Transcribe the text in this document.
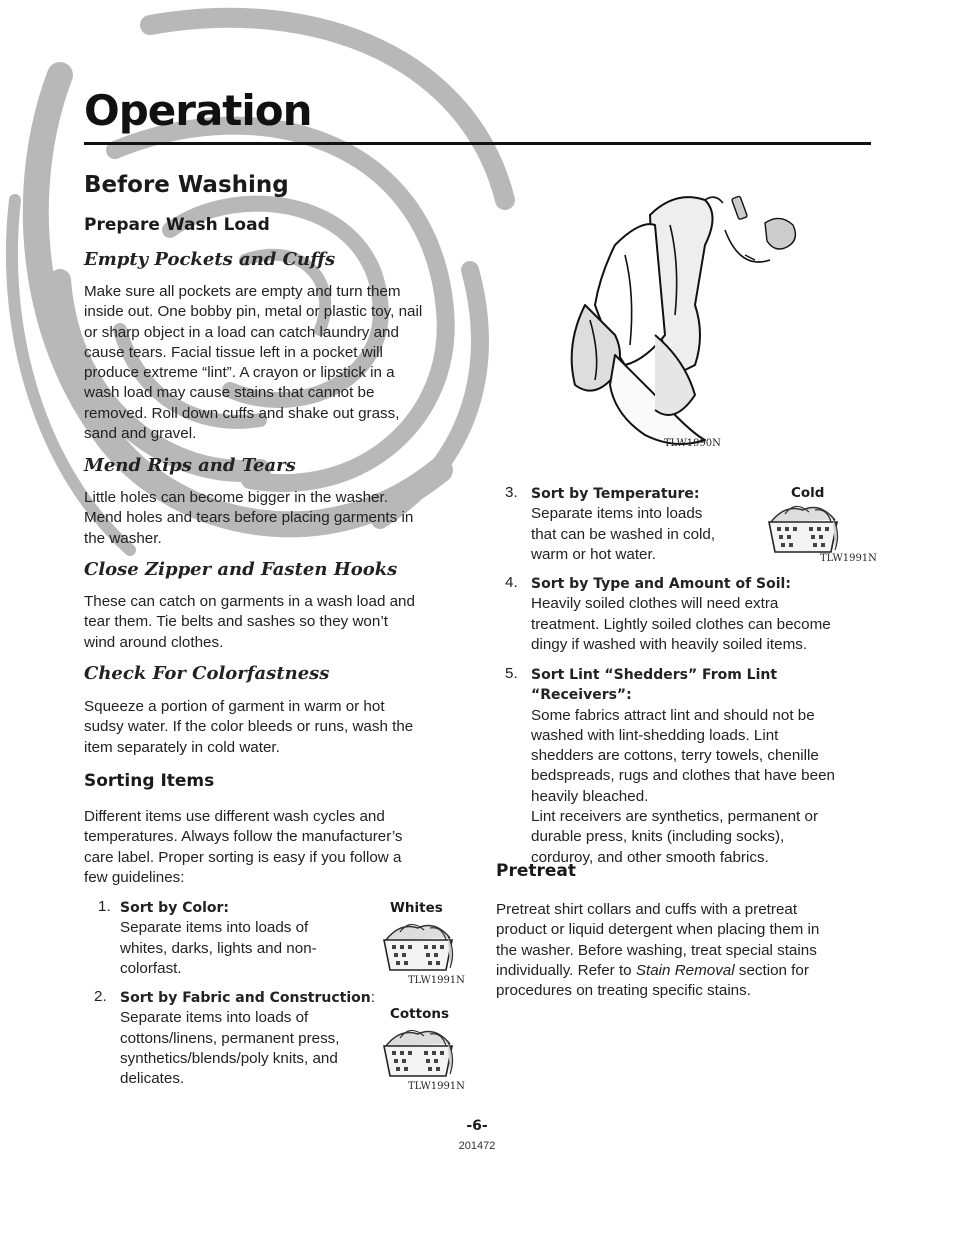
Operation
Before Washing
Prepare Wash Load
Empty Pockets and Cuffs

Make sure all pockets are empty and turn them

inside out. One bobby pin, metal or plastic toy, nail

or sharp object in a load can catch laundry and

cause tears. Facial tissue left in a pocket will

produce extreme “lint”. A crayon or lipstick in a

wash load may cause stains that cannot be

removed. Roll down cuffs and shake out grass,

sand and gravel.

Mend Rips and Tears

Little holes can become bigger in the washer.

Mend holes and tears before placing garments in

the washer.

Close Zipper and Fasten Hooks

These can catch on garments in a wash load and

tear them. Tie belts and sashes so they won’t

wind around clothes.

Check For Colorfastness

Squeeze a portion of garment in warm or hot

sudsy water. If the color bleeds or runs, wash the

item separately in cold water.

Sorting Items

Different items use different wash cycles and

temperatures. Always follow the manufacturer’s

care label. Proper sorting is easy if you follow a

few guidelines:

1. Sort by Color:

Separate items into loads of

whites, darks, lights and non-

colorfast.

2. Sort by Fabric and Construction:

Separate items into loads of

cottons/linens, permanent press,

synthetics/blends/poly knits, and

delicates.

Whites
TLW1991N
Cottons
TLW1991N
TLW1990N
3. Sort by Temperature:

Separate items into loads

that can be washed in cold,

warm or hot water.

Cold
TLW1991N
4. Sort by Type and Amount of Soil:

Heavily soiled clothes will need extra

treatment. Lightly soiled clothes can become

dingy if washed with heavily soiled items.

5. Sort Lint “Shedders” From Lint “Receivers”:

Some fabrics attract lint and should not be

washed with lint-shedding loads. Lint

shedders are cottons, terry towels, chenille

bedspreads, rugs and clothes that have been

heavily bleached.

Lint receivers are synthetics, permanent or

durable press, knits (including socks),

corduroy, and other smooth fabrics.

Pretreat

Pretreat shirt collars and cuffs with a pretreat

product or liquid detergent when placing them in

the washer. Before washing, treat special stains

individually. Refer to Stain Removal section for

procedures on treating specific stains.

-6-
201472
